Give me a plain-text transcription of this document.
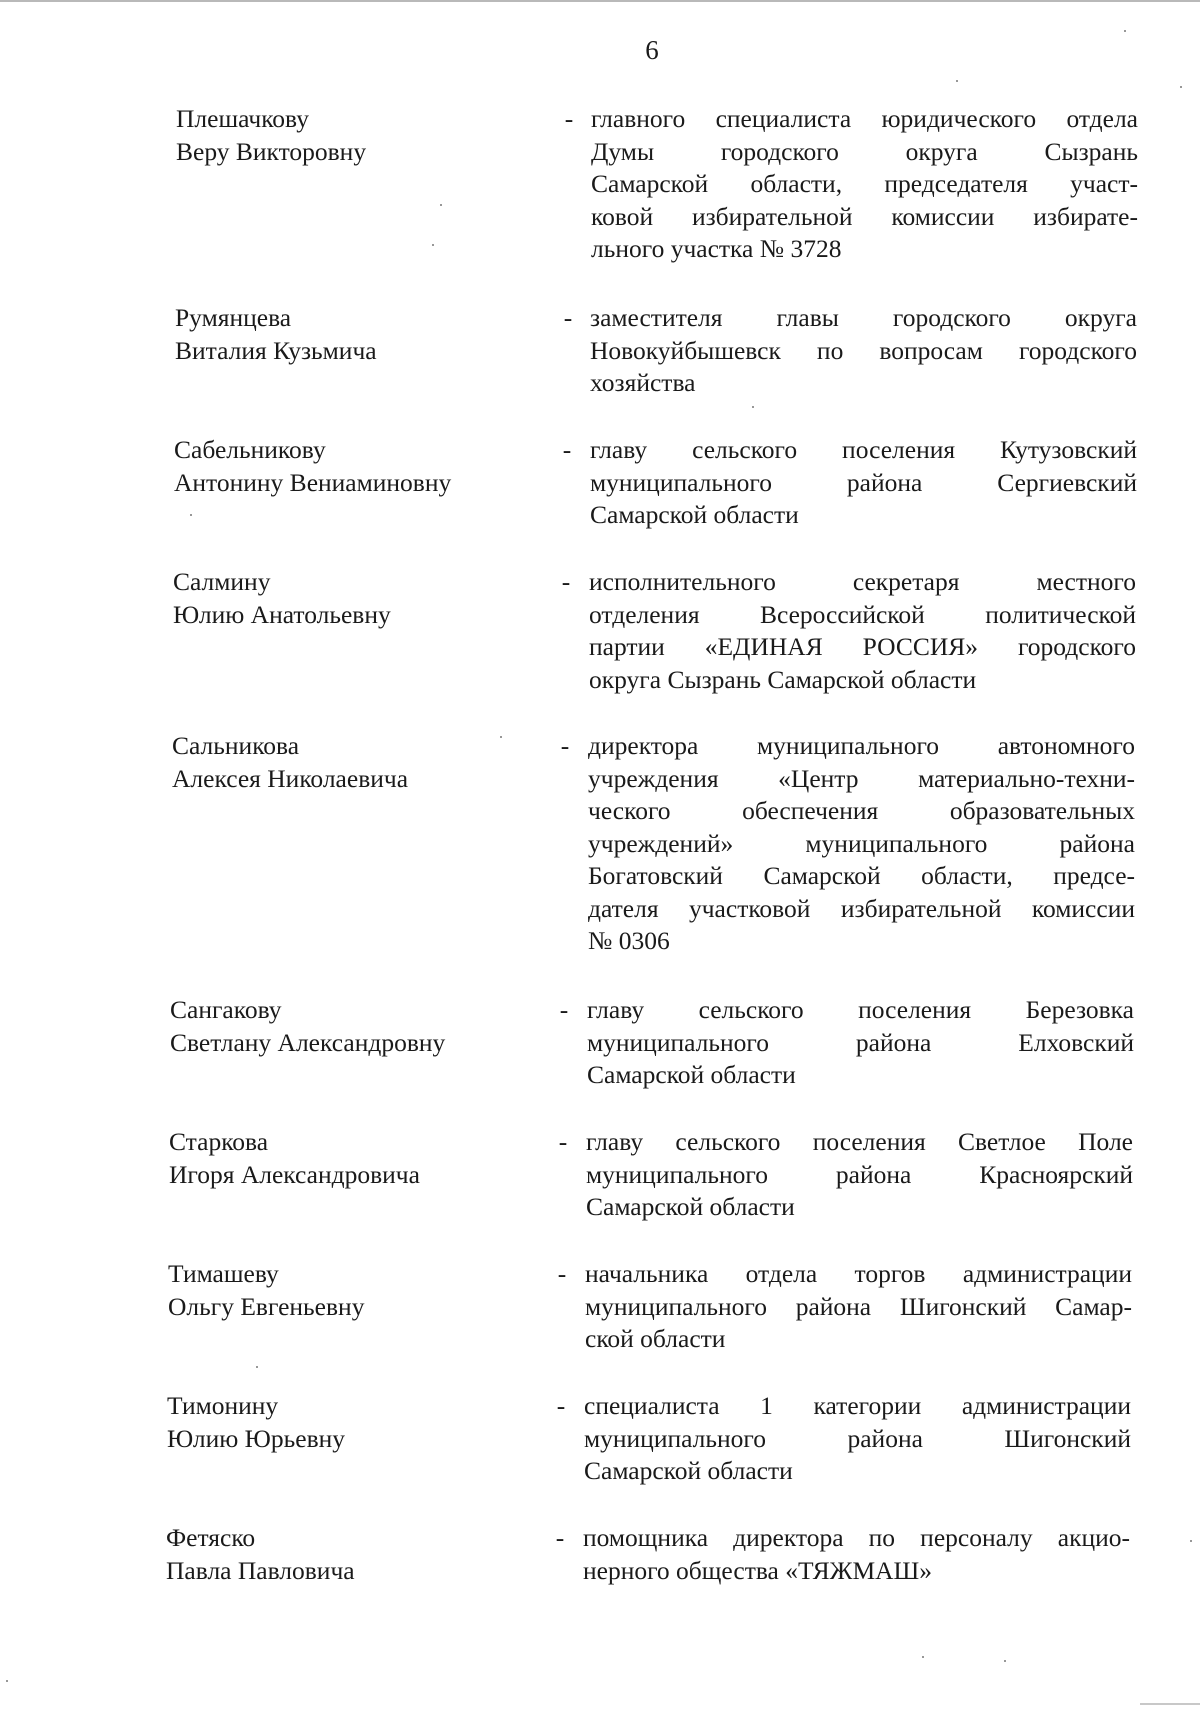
6
Плешачкову
Веру Викторовну
- главного специалиста юридического отдела
Думы городского округа Сызрань
Самарской области, председателя участ-
ковой избирательной комиссии избирате-
льного участка № 3728
Румянцева
Виталия Кузьмича
- заместителя главы городского округа
Новокуйбышевск по вопросам городского
хозяйства
Сабельникову
Антонину Вениаминовну
- главу сельского поселения Кутузовский
муниципального района Сергиевский
Самарской области
Салмину
Юлию Анатольевну
- исполнительного секретаря местного
отделения Всероссийской политической
партии «ЕДИНАЯ РОССИЯ» городского
округа Сызрань Самарской области
Сальникова
Алексея Николаевича
- директора муниципального автономного
учреждения «Центр материально-техни-
ческого обеспечения образовательных
учреждений» муниципального района
Богатовский Самарской области, предсе-
дателя участковой избирательной комиссии
№ 0306
Сангакову
Светлану Александровну
- главу сельского поселения Березовка
муниципального района Елховский
Самарской области
Старкова
Игоря Александровича
- главу сельского поселения Светлое Поле
муниципального района Красноярский
Самарской области
Тимашеву
Ольгу Евгеньевну
- начальника отдела торгов администрации
муниципального района Шигонский Самар-
ской области
Тимонину
Юлию Юрьевну
- специалиста 1 категории администрации
муниципального района Шигонский
Самарской области
Фетяско
Павла Павловича
- помощника директора по персоналу акцио-
нерного общества «ТЯЖМАШ»
